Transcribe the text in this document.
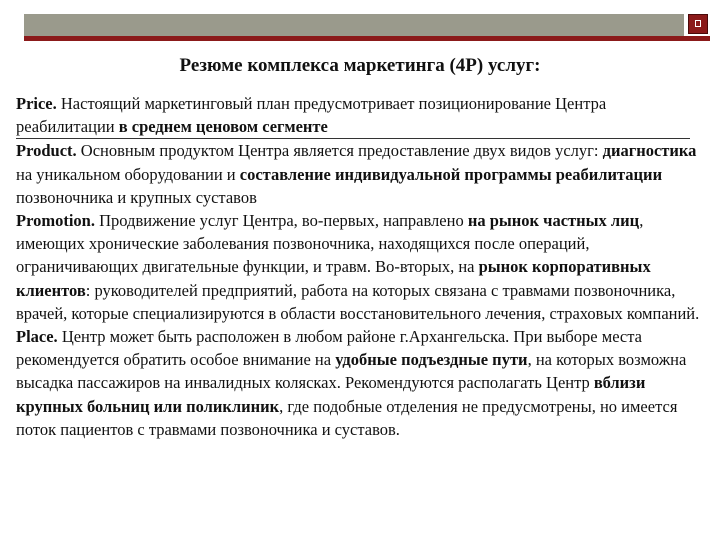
Резюме комплекса маркетинга (4P) услуг:

Price. Настоящий маркетинговый план предусмотривает позиционирование Центра реабилитации в среднем ценовом сегменте

Product. Основным продуктом Центра является предоставление двух видов услуг: диагностика на уникальном оборудовании и составление индивидуальной программы реабилитации позвоночника и крупных суставов

Promotion. Продвижение услуг Центра, во-первых, направлено на рынок частных лиц, имеющих хронические заболевания позвоночника, находящихся после операций, ограничивающих двигательные функции, и травм. Во-вторых, на рынок корпоративных клиентов: руководителей предприятий, работа на которых связана с травмами позвоночника, врачей, которые специализируются в области восстановительного лечения, страховых компаний.

Place. Центр может быть расположен в любом районе г.Архангельска. При выборе места рекомендуется обратить особое внимание на удобные подъездные пути, на которых возможна высадка пассажиров на инвалидных колясках. Рекомендуются располагать Центр вблизи крупных больниц или поликлиник, где подобные отделения не предусмотрены, но имеется поток пациентов с травмами позвоночника и суставов.
